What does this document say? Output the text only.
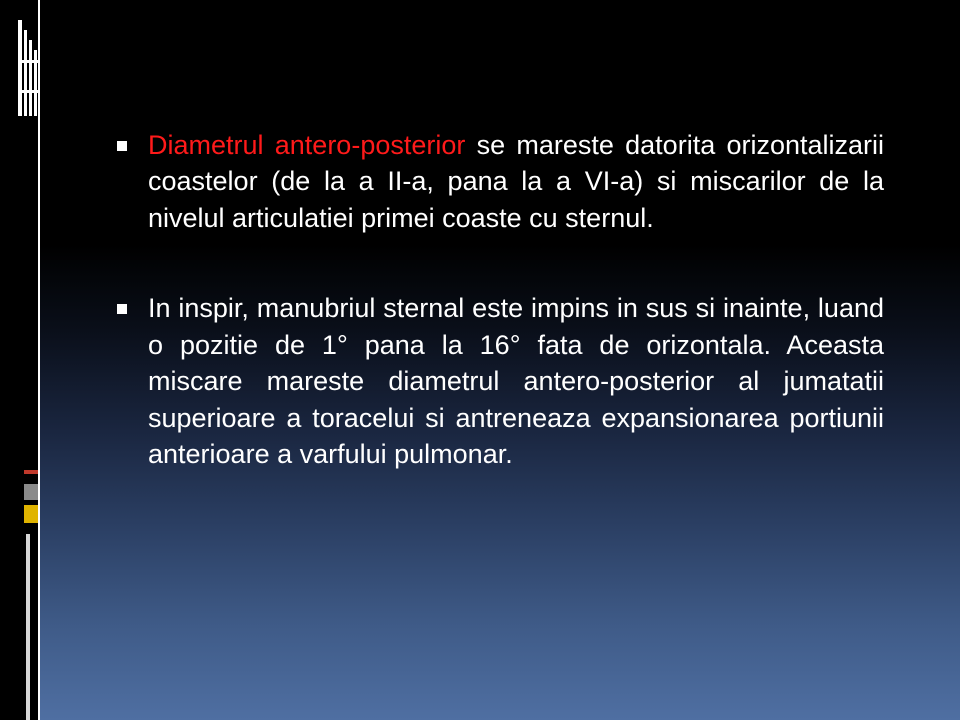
Diametrul antero-posterior se mareste datorita orizontalizarii coastelor (de la a II-a, pana la a VI-a) si miscarilor de la nivelul articulatiei primei coaste cu sternul.
In inspir, manubriul sternal este impins in sus si inainte, luand o pozitie de 1° pana la 16° fata de orizontala. Aceasta miscare mareste diametrul antero-posterior al jumatatii superioare a toracelui si antreneaza expansionarea portiunii anterioare a varfului pulmonar.
